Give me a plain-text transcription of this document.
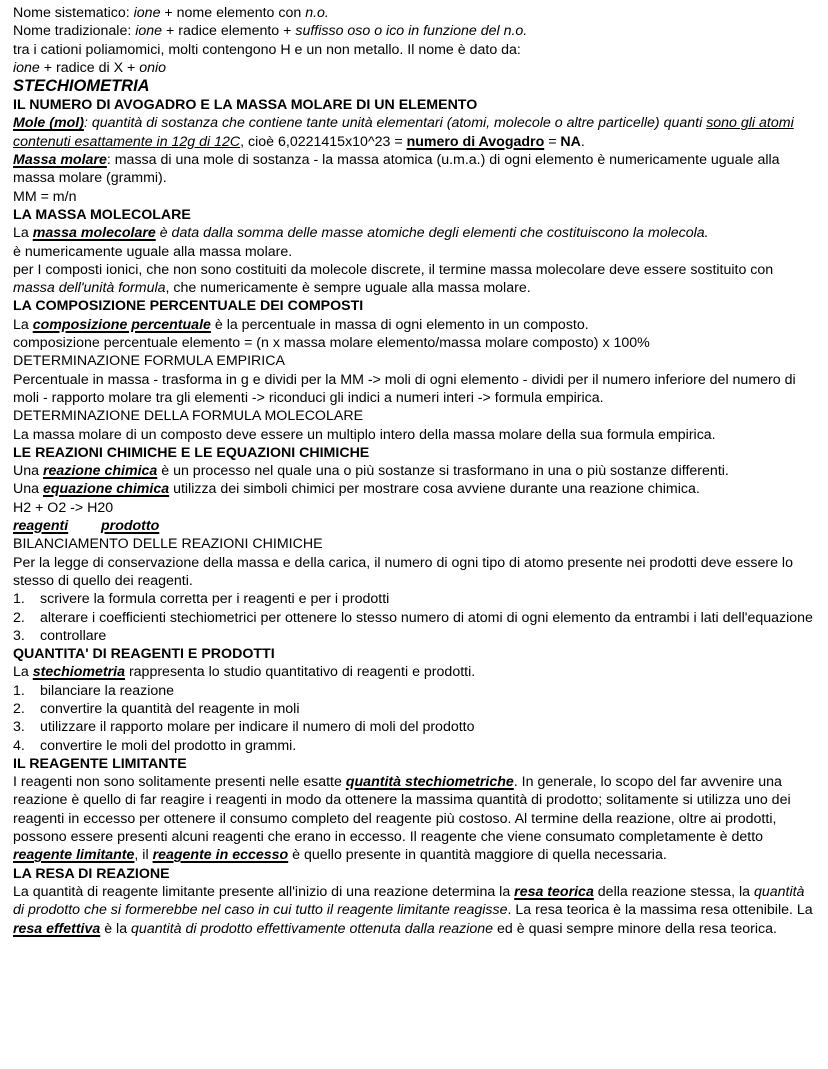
Nome sistematico: ione + nome elemento con n.o.

Nome tradizionale: ione + radice elemento + suffisso oso o ico in funzione del n.o.

tra i cationi poliamomici, molti contengono H e un non metallo. Il nome è dato da:

ione + radice di X + onio

STECHIOMETRIA

IL NUMERO DI AVOGADRO E LA MASSA MOLARE DI UN ELEMENTO

Mole (mol): quantità di sostanza che contiene tante unità elementari (atomi, molecole o altre particelle) quanti sono gli atomi contenuti esattamente in 12g di 12C, cioè 6,0221415x10^23 = numero di Avogadro = NA.

Massa molare: massa di una mole di sostanza - la massa atomica (u.m.a.) di ogni elemento è numericamente uguale alla massa molare (grammi).

MM = m/n

LA MASSA MOLECOLARE

La massa molecolare è data dalla somma delle masse atomiche degli elementi che costituiscono la molecola.

è numericamente uguale alla massa molare.

per I composti ionici, che non sono costituiti da molecole discrete, il termine massa molecolare deve essere sostituito con massa dell'unità formula, che numericamente è sempre uguale alla massa molare.

LA COMPOSIZIONE PERCENTUALE DEI COMPOSTI

La composizione percentuale è la percentuale in massa di ogni elemento in un composto.

composizione percentuale elemento = (n x massa molare elemento/massa molare composto) x 100%

DETERMINAZIONE FORMULA EMPIRICA

Percentuale in massa - trasforma in g e dividi per la MM -> moli di ogni elemento - dividi per il numero inferiore del numero di moli - rapporto molare tra gli elementi -> riconduci gli indici a numeri interi -> formula empirica.

DETERMINAZIONE DELLA FORMULA MOLECOLARE

La massa molare di un composto deve essere un multiplo intero della massa molare della sua formula empirica.

LE REAZIONI CHIMICHE E LE EQUAZIONI CHIMICHE

Una reazione chimica è un processo nel quale una o più sostanze si trasformano in una o più sostanze differenti.

Una equazione chimica utilizza dei simboli chimici per mostrare cosa avviene durante una reazione chimica.

H2 + O2 -> H20

reagenti prodotto

BILANCIAMENTO DELLE REAZIONI CHIMICHE

Per la legge di conservazione della massa e della carica, il numero di ogni tipo di atomo presente nei prodotti deve essere lo stesso di quello dei reagenti.

1.	scrivere la formula corretta per i reagenti e per i prodotti
2.	alterare i coefficienti stechiometrici per ottenere lo stesso numero di atomi di ogni elemento da entrambi i lati dell'equazione
3.	controllare

QUANTITA' DI REAGENTI E PRODOTTI

La stechiometria rappresenta lo studio quantitativo di reagenti e prodotti.

1.	bilanciare la reazione
2.	convertire la quantità del reagente in moli
3.	utilizzare il rapporto molare per indicare il numero di moli del prodotto
4.	convertire le moli del prodotto in grammi.

IL REAGENTE LIMITANTE

I reagenti non sono solitamente presenti nelle esatte quantità stechiometriche. In generale, lo scopo del far avvenire una reazione è quello di far reagire i reagenti in modo da ottenere la massima quantità di prodotto; solitamente si utilizza uno dei reagenti in eccesso per ottenere il consumo completo del reagente più costoso. Al termine della reazione, oltre ai prodotti, possono essere presenti alcuni reagenti che erano in eccesso. Il reagente che viene consumato completamente è detto reagente limitante, il reagente in eccesso è quello presente in quantità maggiore di quella necessaria.

LA RESA DI REAZIONE

La quantità di reagente limitante presente all'inizio di una reazione determina la resa teorica della reazione stessa, la quantità di prodotto che si formerebbe nel caso in cui tutto il reagente limitante reagisse. La resa teorica è la massima resa ottenibile. La resa effettiva è la quantità di prodotto effettivamente ottenuta dalla reazione ed è quasi sempre minore della resa teorica.
